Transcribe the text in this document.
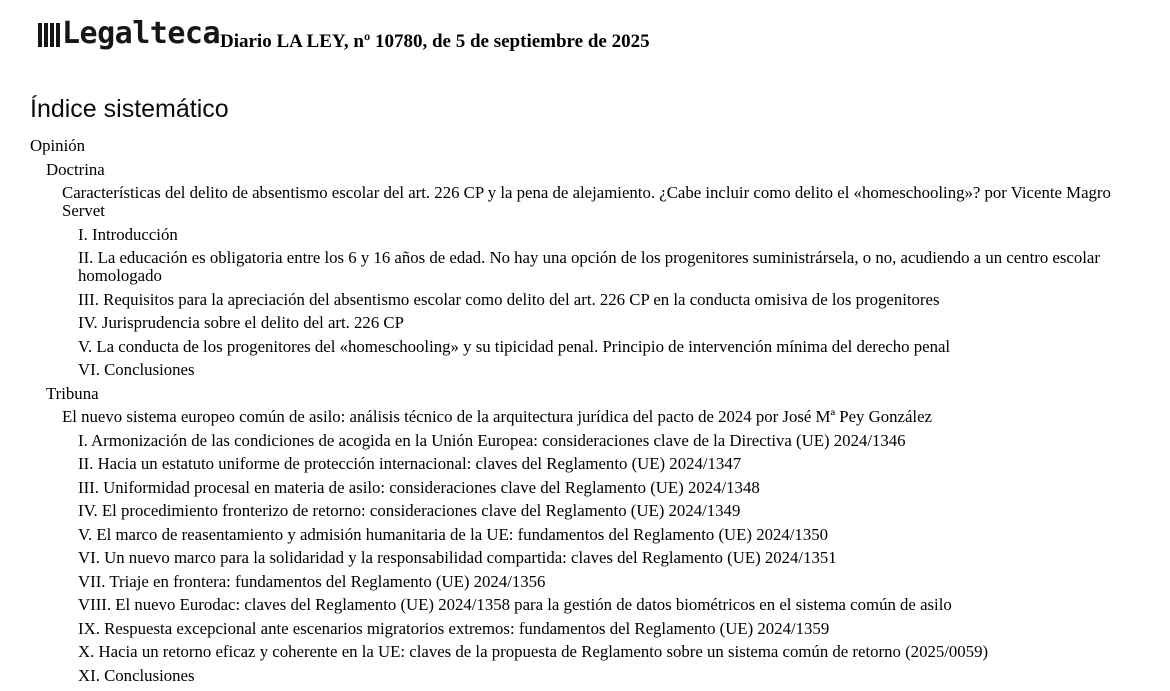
Legalteca Diario LA LEY, nº 10780, de 5 de septiembre de 2025
Índice sistemático
Opinión
Doctrina
Características del delito de absentismo escolar del art. 226 CP y la pena de alejamiento. ¿Cabe incluir como delito el «homeschooling»? por Vicente Magro Servet
I. Introducción
II. La educación es obligatoria entre los 6 y 16 años de edad. No hay una opción de los progenitores suministrársela, o no, acudiendo a un centro escolar homologado
III. Requisitos para la apreciación del absentismo escolar como delito del art. 226 CP en la conducta omisiva de los progenitores
IV. Jurisprudencia sobre el delito del art. 226 CP
V. La conducta de los progenitores del «homeschooling» y su tipicidad penal. Principio de intervención mínima del derecho penal
VI. Conclusiones
Tribuna
El nuevo sistema europeo común de asilo: análisis técnico de la arquitectura jurídica del pacto de 2024 por José Mª Pey González
I. Armonización de las condiciones de acogida en la Unión Europea: consideraciones clave de la Directiva (UE) 2024/1346
II. Hacia un estatuto uniforme de protección internacional: claves del Reglamento (UE) 2024/1347
III. Uniformidad procesal en materia de asilo: consideraciones clave del Reglamento (UE) 2024/1348
IV. El procedimiento fronterizo de retorno: consideraciones clave del Reglamento (UE) 2024/1349
V. El marco de reasentamiento y admisión humanitaria de la UE: fundamentos del Reglamento (UE) 2024/1350
VI. Un nuevo marco para la solidaridad y la responsabilidad compartida: claves del Reglamento (UE) 2024/1351
VII. Triaje en frontera: fundamentos del Reglamento (UE) 2024/1356
VIII. El nuevo Eurodac: claves del Reglamento (UE) 2024/1358 para la gestión de datos biométricos en el sistema común de asilo
IX. Respuesta excepcional ante escenarios migratorios extremos: fundamentos del Reglamento (UE) 2024/1359
X. Hacia un retorno eficaz y coherente en la UE: claves de la propuesta de Reglamento sobre un sistema común de retorno (2025/0059)
XI. Conclusiones
